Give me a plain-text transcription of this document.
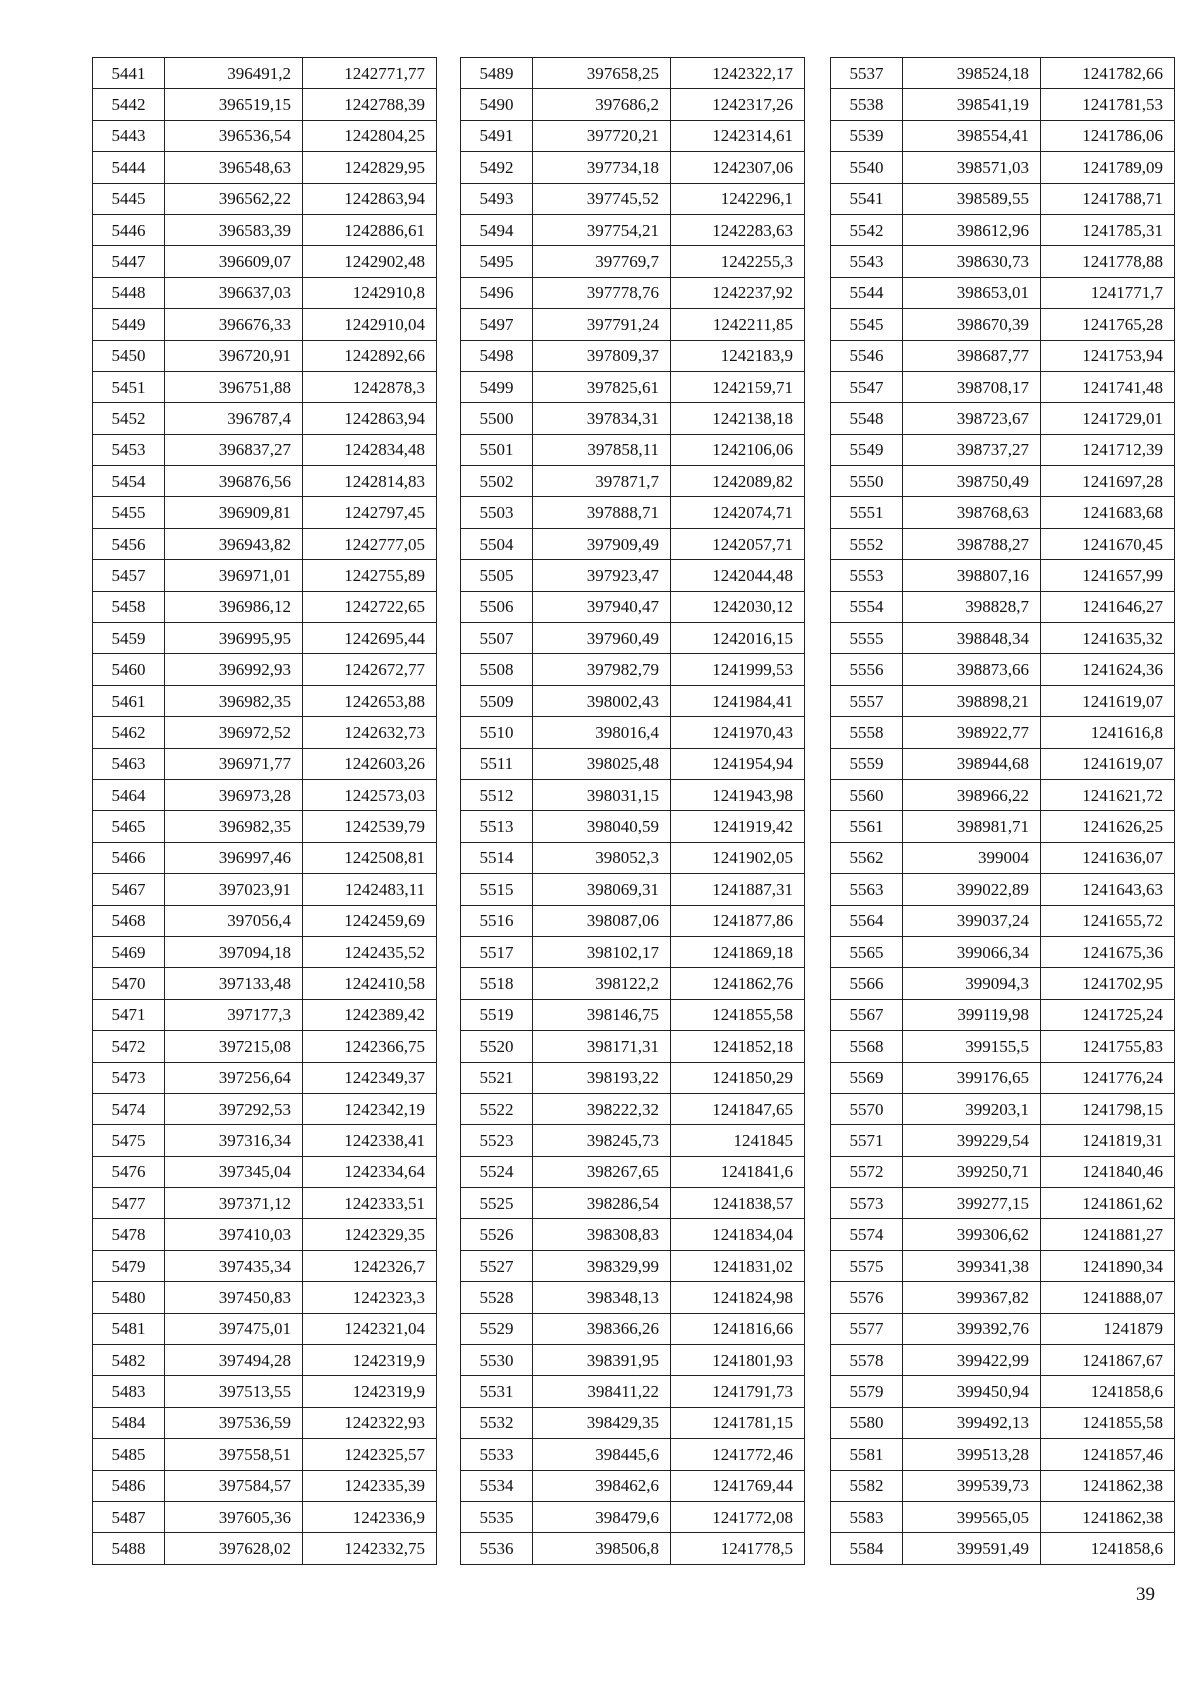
5441	396491,2	1242771,77
5442	396519,15	1242788,39
5443	396536,54	1242804,25
5444	396548,63	1242829,95
5445	396562,22	1242863,94
5446	396583,39	1242886,61
5447	396609,07	1242902,48
5448	396637,03	1242910,8
5449	396676,33	1242910,04
5450	396720,91	1242892,66
5451	396751,88	1242878,3
5452	396787,4	1242863,94
5453	396837,27	1242834,48
5454	396876,56	1242814,83
5455	396909,81	1242797,45
5456	396943,82	1242777,05
5457	396971,01	1242755,89
5458	396986,12	1242722,65
5459	396995,95	1242695,44
5460	396992,93	1242672,77
5461	396982,35	1242653,88
5462	396972,52	1242632,73
5463	396971,77	1242603,26
5464	396973,28	1242573,03
5465	396982,35	1242539,79
5466	396997,46	1242508,81
5467	397023,91	1242483,11
5468	397056,4	1242459,69
5469	397094,18	1242435,52
5470	397133,48	1242410,58
5471	397177,3	1242389,42
5472	397215,08	1242366,75
5473	397256,64	1242349,37
5474	397292,53	1242342,19
5475	397316,34	1242338,41
5476	397345,04	1242334,64
5477	397371,12	1242333,51
5478	397410,03	1242329,35
5479	397435,34	1242326,7
5480	397450,83	1242323,3
5481	397475,01	1242321,04
5482	397494,28	1242319,9
5483	397513,55	1242319,9
5484	397536,59	1242322,93
5485	397558,51	1242325,57
5486	397584,57	1242335,39
5487	397605,36	1242336,9
5488	397628,02	1242332,75
5489	397658,25	1242322,17
5490	397686,2	1242317,26
5491	397720,21	1242314,61
5492	397734,18	1242307,06
5493	397745,52	1242296,1
5494	397754,21	1242283,63
5495	397769,7	1242255,3
5496	397778,76	1242237,92
5497	397791,24	1242211,85
5498	397809,37	1242183,9
5499	397825,61	1242159,71
5500	397834,31	1242138,18
5501	397858,11	1242106,06
5502	397871,7	1242089,82
5503	397888,71	1242074,71
5504	397909,49	1242057,71
5505	397923,47	1242044,48
5506	397940,47	1242030,12
5507	397960,49	1242016,15
5508	397982,79	1241999,53
5509	398002,43	1241984,41
5510	398016,4	1241970,43
5511	398025,48	1241954,94
5512	398031,15	1241943,98
5513	398040,59	1241919,42
5514	398052,3	1241902,05
5515	398069,31	1241887,31
5516	398087,06	1241877,86
5517	398102,17	1241869,18
5518	398122,2	1241862,76
5519	398146,75	1241855,58
5520	398171,31	1241852,18
5521	398193,22	1241850,29
5522	398222,32	1241847,65
5523	398245,73	1241845
5524	398267,65	1241841,6
5525	398286,54	1241838,57
5526	398308,83	1241834,04
5527	398329,99	1241831,02
5528	398348,13	1241824,98
5529	398366,26	1241816,66
5530	398391,95	1241801,93
5531	398411,22	1241791,73
5532	398429,35	1241781,15
5533	398445,6	1241772,46
5534	398462,6	1241769,44
5535	398479,6	1241772,08
5536	398506,8	1241778,5
5537	398524,18	1241782,66
5538	398541,19	1241781,53
5539	398554,41	1241786,06
5540	398571,03	1241789,09
5541	398589,55	1241788,71
5542	398612,96	1241785,31
5543	398630,73	1241778,88
5544	398653,01	1241771,7
5545	398670,39	1241765,28
5546	398687,77	1241753,94
5547	398708,17	1241741,48
5548	398723,67	1241729,01
5549	398737,27	1241712,39
5550	398750,49	1241697,28
5551	398768,63	1241683,68
5552	398788,27	1241670,45
5553	398807,16	1241657,99
5554	398828,7	1241646,27
5555	398848,34	1241635,32
5556	398873,66	1241624,36
5557	398898,21	1241619,07
5558	398922,77	1241616,8
5559	398944,68	1241619,07
5560	398966,22	1241621,72
5561	398981,71	1241626,25
5562	399004	1241636,07
5563	399022,89	1241643,63
5564	399037,24	1241655,72
5565	399066,34	1241675,36
5566	399094,3	1241702,95
5567	399119,98	1241725,24
5568	399155,5	1241755,83
5569	399176,65	1241776,24
5570	399203,1	1241798,15
5571	399229,54	1241819,31
5572	399250,71	1241840,46
5573	399277,15	1241861,62
5574	399306,62	1241881,27
5575	399341,38	1241890,34
5576	399367,82	1241888,07
5577	399392,76	1241879
5578	399422,99	1241867,67
5579	399450,94	1241858,6
5580	399492,13	1241855,58
5581	399513,28	1241857,46
5582	399539,73	1241862,38
5583	399565,05	1241862,38
5584	399591,49	1241858,6
39
